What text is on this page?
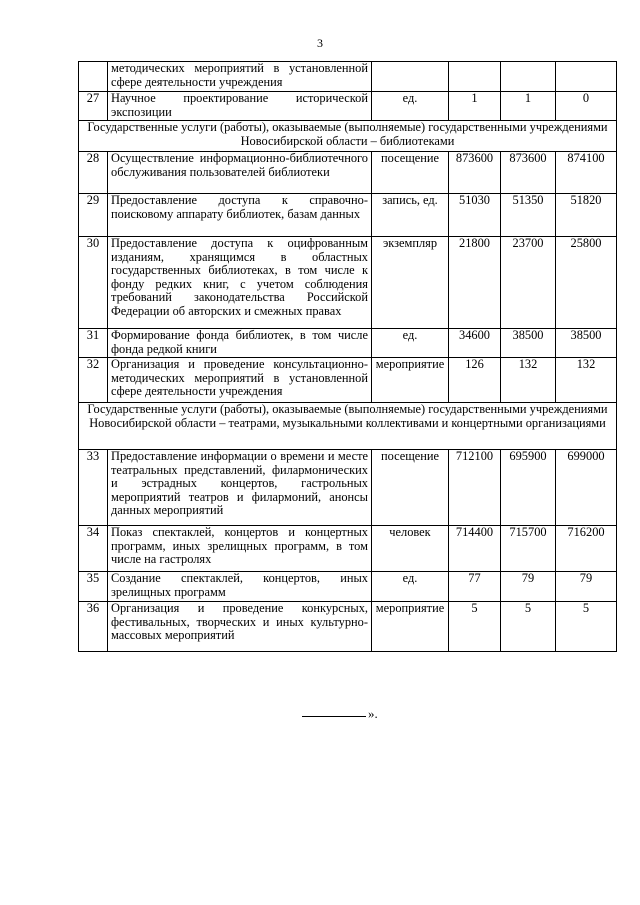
3
	методических мероприятий в установленной сфере деятельности учреждения				
27	Научное проектирование исторической экспозиции	ед.	1	1	0
Государственные услуги (работы), оказываемые (выполняемые) государственными учреждениями Новосибирской области – библиотеками					
28	Осуществление информационно-библиотечного обслуживания пользователей библиотеки	посещение	873600	873600	874100
29	Предоставление доступа к справочно-поисковому аппарату библиотек, базам данных	запись, ед.	51030	51350	51820
30	Предоставление доступа к оцифрованным изданиям, хранящимся в областных государственных библиотеках, в том числе к фонду редких книг, с учетом соблюдения требований законодательства Российской Федерации об авторских и смежных правах	экземпляр	21800	23700	25800
31	Формирование фонда библиотек, в том числе фонда редкой книги	ед.	34600	38500	38500
32	Организация и проведение консультационно-методических мероприятий в установленной сфере деятельности учреждения	мероприятие	126	132	132
Государственные услуги (работы), оказываемые (выполняемые) государственными учреждениями Новосибирской области – театрами, музыкальными коллективами и концертными организациями					
33	Предоставление информации о времени и месте театральных представлений, филармонических и эстрадных концертов, гастрольных мероприятий театров и филармоний, анонсы данных мероприятий	посещение	712100	695900	699000
34	Показ спектаклей, концертов и концертных программ, иных зрелищных программ, в том числе на гастролях	человек	714400	715700	716200
35	Создание спектаклей, концертов, иных зрелищных программ	ед.	77	79	79
36	Организация и проведение конкурсных, фестивальных, творческих и иных культурно-массовых мероприятий	мероприятие	5	5	5
».
